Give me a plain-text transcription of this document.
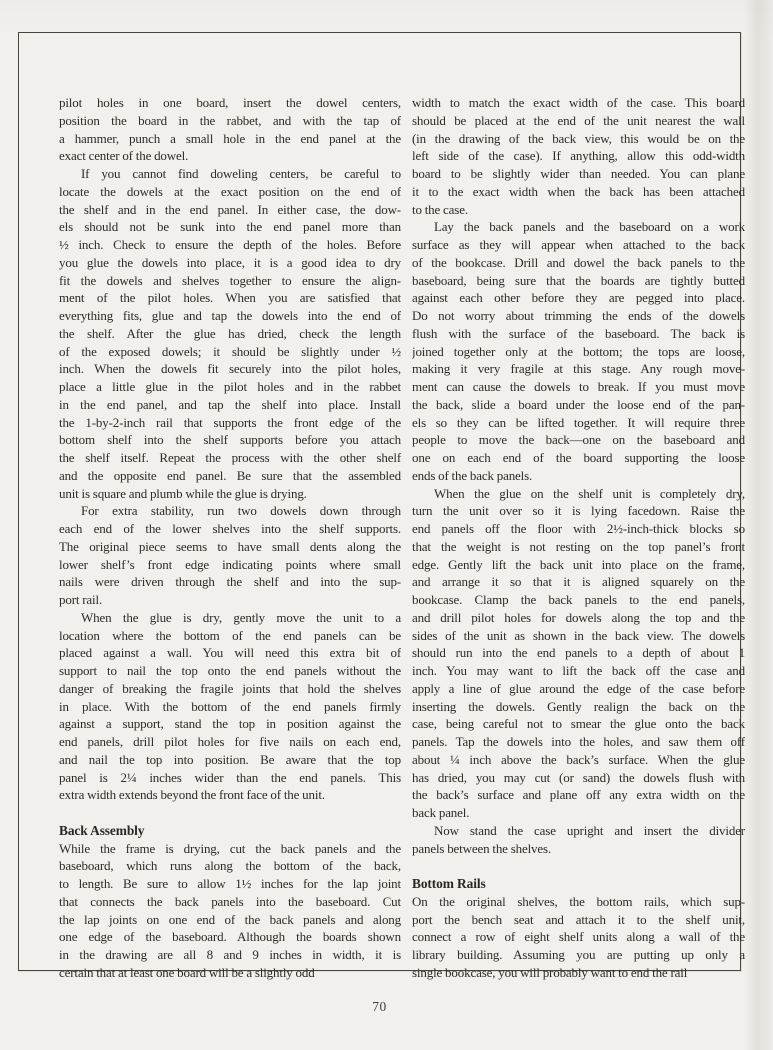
pilot holes in one board, insert the dowel centers,
position the board in the rabbet, and with the tap of
a hammer, punch a small hole in the end panel at the
exact center of the dowel.
If you cannot find doweling centers, be careful to
locate the dowels at the exact position on the end of
the shelf and in the end panel. In either case, the dow-
els should not be sunk into the end panel more than
½ inch. Check to ensure the depth of the holes. Before
you glue the dowels into place, it is a good idea to dry
fit the dowels and shelves together to ensure the align-
ment of the pilot holes. When you are satisfied that
everything fits, glue and tap the dowels into the end of
the shelf. After the glue has dried, check the length
of the exposed dowels; it should be slightly under ½
inch. When the dowels fit securely into the pilot holes,
place a little glue in the pilot holes and in the rabbet
in the end panel, and tap the shelf into place. Install
the 1-by-2-inch rail that supports the front edge of the
bottom shelf into the shelf supports before you attach
the shelf itself. Repeat the process with the other shelf
and the opposite end panel. Be sure that the assembled
unit is square and plumb while the glue is drying.
For extra stability, run two dowels down through
each end of the lower shelves into the shelf supports.
The original piece seems to have small dents along the
lower shelf’s front edge indicating points where small
nails were driven through the shelf and into the sup-
port rail.
When the glue is dry, gently move the unit to a
location where the bottom of the end panels can be
placed against a wall. You will need this extra bit of
support to nail the top onto the end panels without the
danger of breaking the fragile joints that hold the shelves
in place. With the bottom of the end panels firmly
against a support, stand the top in position against the
end panels, drill pilot holes for five nails on each end,
and nail the top into position. Be aware that the top
panel is 2¼ inches wider than the end panels. This
extra width extends beyond the front face of the unit.
Back Assembly
While the frame is drying, cut the back panels and the
baseboard, which runs along the bottom of the back,
to length. Be sure to allow 1½ inches for the lap joint
that connects the back panels into the baseboard. Cut
the lap joints on one end of the back panels and along
one edge of the baseboard. Although the boards shown
in the drawing are all 8 and 9 inches in width, it is
certain that at least one board will be a slightly odd
width to match the exact width of the case. This board
should be placed at the end of the unit nearest the wall
(in the drawing of the back view, this would be on the
left side of the case). If anything, allow this odd-width
board to be slightly wider than needed. You can plane
it to the exact width when the back has been attached
to the case.
Lay the back panels and the baseboard on a work
surface as they will appear when attached to the back
of the bookcase. Drill and dowel the back panels to the
baseboard, being sure that the boards are tightly butted
against each other before they are pegged into place.
Do not worry about trimming the ends of the dowels
flush with the surface of the baseboard. The back is
joined together only at the bottom; the tops are loose,
making it very fragile at this stage. Any rough move-
ment can cause the dowels to break. If you must move
the back, slide a board under the loose end of the pan-
els so they can be lifted together. It will require three
people to move the back—one on the baseboard and
one on each end of the board supporting the loose
ends of the back panels.
When the glue on the shelf unit is completely dry,
turn the unit over so it is lying facedown. Raise the
end panels off the floor with 2½-inch-thick blocks so
that the weight is not resting on the top panel’s front
edge. Gently lift the back unit into place on the frame,
and arrange it so that it is aligned squarely on the
bookcase. Clamp the back panels to the end panels,
and drill pilot holes for dowels along the top and the
sides of the unit as shown in the back view. The dowels
should run into the end panels to a depth of about 1
inch. You may want to lift the back off the case and
apply a line of glue around the edge of the case before
inserting the dowels. Gently realign the back on the
case, being careful not to smear the glue onto the back
panels. Tap the dowels into the holes, and saw them off
about ¼ inch above the back’s surface. When the glue
has dried, you may cut (or sand) the dowels flush with
the back’s surface and plane off any extra width on the
back panel.
Now stand the case upright and insert the divider
panels between the shelves.
Bottom Rails
On the original shelves, the bottom rails, which sup-
port the bench seat and attach it to the shelf unit,
connect a row of eight shelf units along a wall of the
library building. Assuming you are putting up only a
single bookcase, you will probably want to end the rail
70
